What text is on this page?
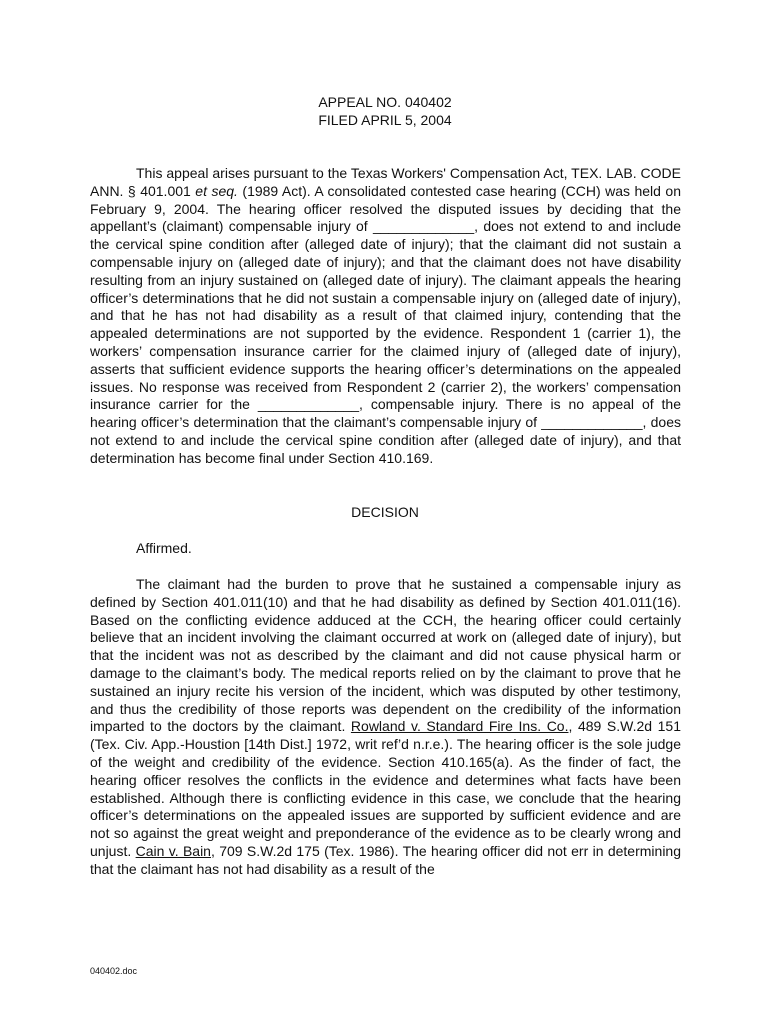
APPEAL NO. 040402
FILED APRIL 5, 2004

This appeal arises pursuant to the Texas Workers' Compensation Act, TEX. LAB. CODE ANN. § 401.001 et seq. (1989 Act). A consolidated contested case hearing (CCH) was held on February 9, 2004. The hearing officer resolved the disputed issues by deciding that the appellant’s (claimant) compensable injury of _____________, does not extend to and include the cervical spine condition after (alleged date of injury); that the claimant did not sustain a compensable injury on (alleged date of injury); and that the claimant does not have disability resulting from an injury sustained on (alleged date of injury). The claimant appeals the hearing officer’s determinations that he did not sustain a compensable injury on (alleged date of injury), and that he has not had disability as a result of that claimed injury, contending that the appealed determinations are not supported by the evidence. Respondent 1 (carrier 1), the workers’ compensation insurance carrier for the claimed injury of (alleged date of injury), asserts that sufficient evidence supports the hearing officer’s determinations on the appealed issues. No response was received from Respondent 2 (carrier 2), the workers’ compensation insurance carrier for the _____________, compensable injury. There is no appeal of the hearing officer’s determination that the claimant’s compensable injury of _____________, does not extend to and include the cervical spine condition after (alleged date of injury), and that determination has become final under Section 410.169.

DECISION
Affirmed.

The claimant had the burden to prove that he sustained a compensable injury as defined by Section 401.011(10) and that he had disability as defined by Section 401.011(16). Based on the conflicting evidence adduced at the CCH, the hearing officer could certainly believe that an incident involving the claimant occurred at work on (alleged date of injury), but that the incident was not as described by the claimant and did not cause physical harm or damage to the claimant’s body. The medical reports relied on by the claimant to prove that he sustained an injury recite his version of the incident, which was disputed by other testimony, and thus the credibility of those reports was dependent on the credibility of the information imparted to the doctors by the claimant. Rowland v. Standard Fire Ins. Co., 489 S.W.2d 151 (Tex. Civ. App.-Houstion [14th Dist.] 1972, writ ref’d n.r.e.). The hearing officer is the sole judge of the weight and credibility of the evidence. Section 410.165(a). As the finder of fact, the hearing officer resolves the conflicts in the evidence and determines what facts have been established. Although there is conflicting evidence in this case, we conclude that the hearing officer’s determinations on the appealed issues are supported by sufficient evidence and are not so against the great weight and preponderance of the evidence as to be clearly wrong and unjust. Cain v. Bain, 709 S.W.2d 175 (Tex. 1986). The hearing officer did not err in determining that the claimant has not had disability as a result of the

040402.doc
